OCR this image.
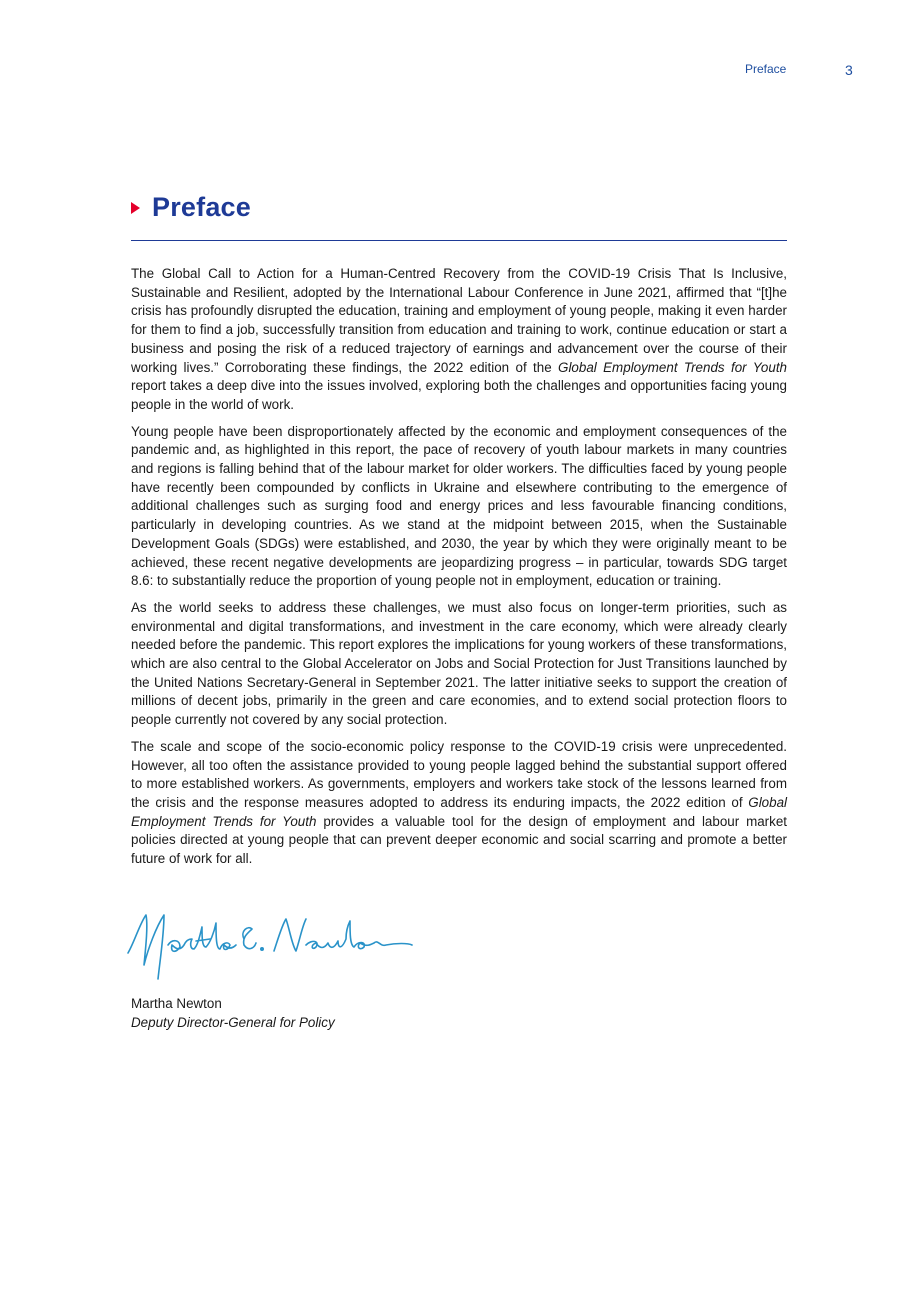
Preface	3
Preface

The Global Call to Action for a Human-Centred Recovery from the COVID-19 Crisis That Is Inclusive, Sustainable and Resilient, adopted by the International Labour Conference in June 2021, affirmed that “[t]he crisis has profoundly disrupted the education, training and employment of young people, making it even harder for them to find a job, successfully transition from education and training to work, continue education or start a business and posing the risk of a reduced trajectory of earnings and advancement over the course of their working lives.” Corroborating these findings, the 2022 edition of the Global Employment Trends for Youth report takes a deep dive into the issues involved, exploring both the challenges and opportunities facing young people in the world of work.

Young people have been disproportionately affected by the economic and employment consequences of the pandemic and, as highlighted in this report, the pace of recovery of youth labour markets in many countries and regions is falling behind that of the labour market for older workers. The difficulties faced by young people have recently been compounded by conflicts in Ukraine and elsewhere contributing to the emergence of additional challenges such as surging food and energy prices and less favourable financing conditions, particularly in developing countries. As we stand at the midpoint between 2015, when the Sustainable Development Goals (SDGs) were established, and 2030, the year by which they were originally meant to be achieved, these recent negative developments are jeopardizing progress – in particular, towards SDG target 8.6: to substantially reduce the proportion of young people not in employment, education or training.

As the world seeks to address these challenges, we must also focus on longer-term priorities, such as environmental and digital transformations, and investment in the care economy, which were already clearly needed before the pandemic. This report explores the implications for young workers of these transformations, which are also central to the Global Accelerator on Jobs and Social Protection for Just Transitions launched by the United Nations Secretary-General in September 2021. The latter initiative seeks to support the creation of millions of decent jobs, primarily in the green and care economies, and to extend social protection floors to people currently not covered by any social protection.

The scale and scope of the socio-economic policy response to the COVID-19 crisis were unprecedented. However, all too often the assistance provided to young people lagged behind the substantial support offered to more established workers. As governments, employers and workers take stock of the lessons learned from the crisis and the response measures adopted to address its enduring impacts, the 2022 edition of Global Employment Trends for Youth provides a valuable tool for the design of employment and labour market policies directed at young people that can prevent deeper economic and social scarring and promote a better future of work for all.

Martha Newton
Deputy Director-General for Policy
